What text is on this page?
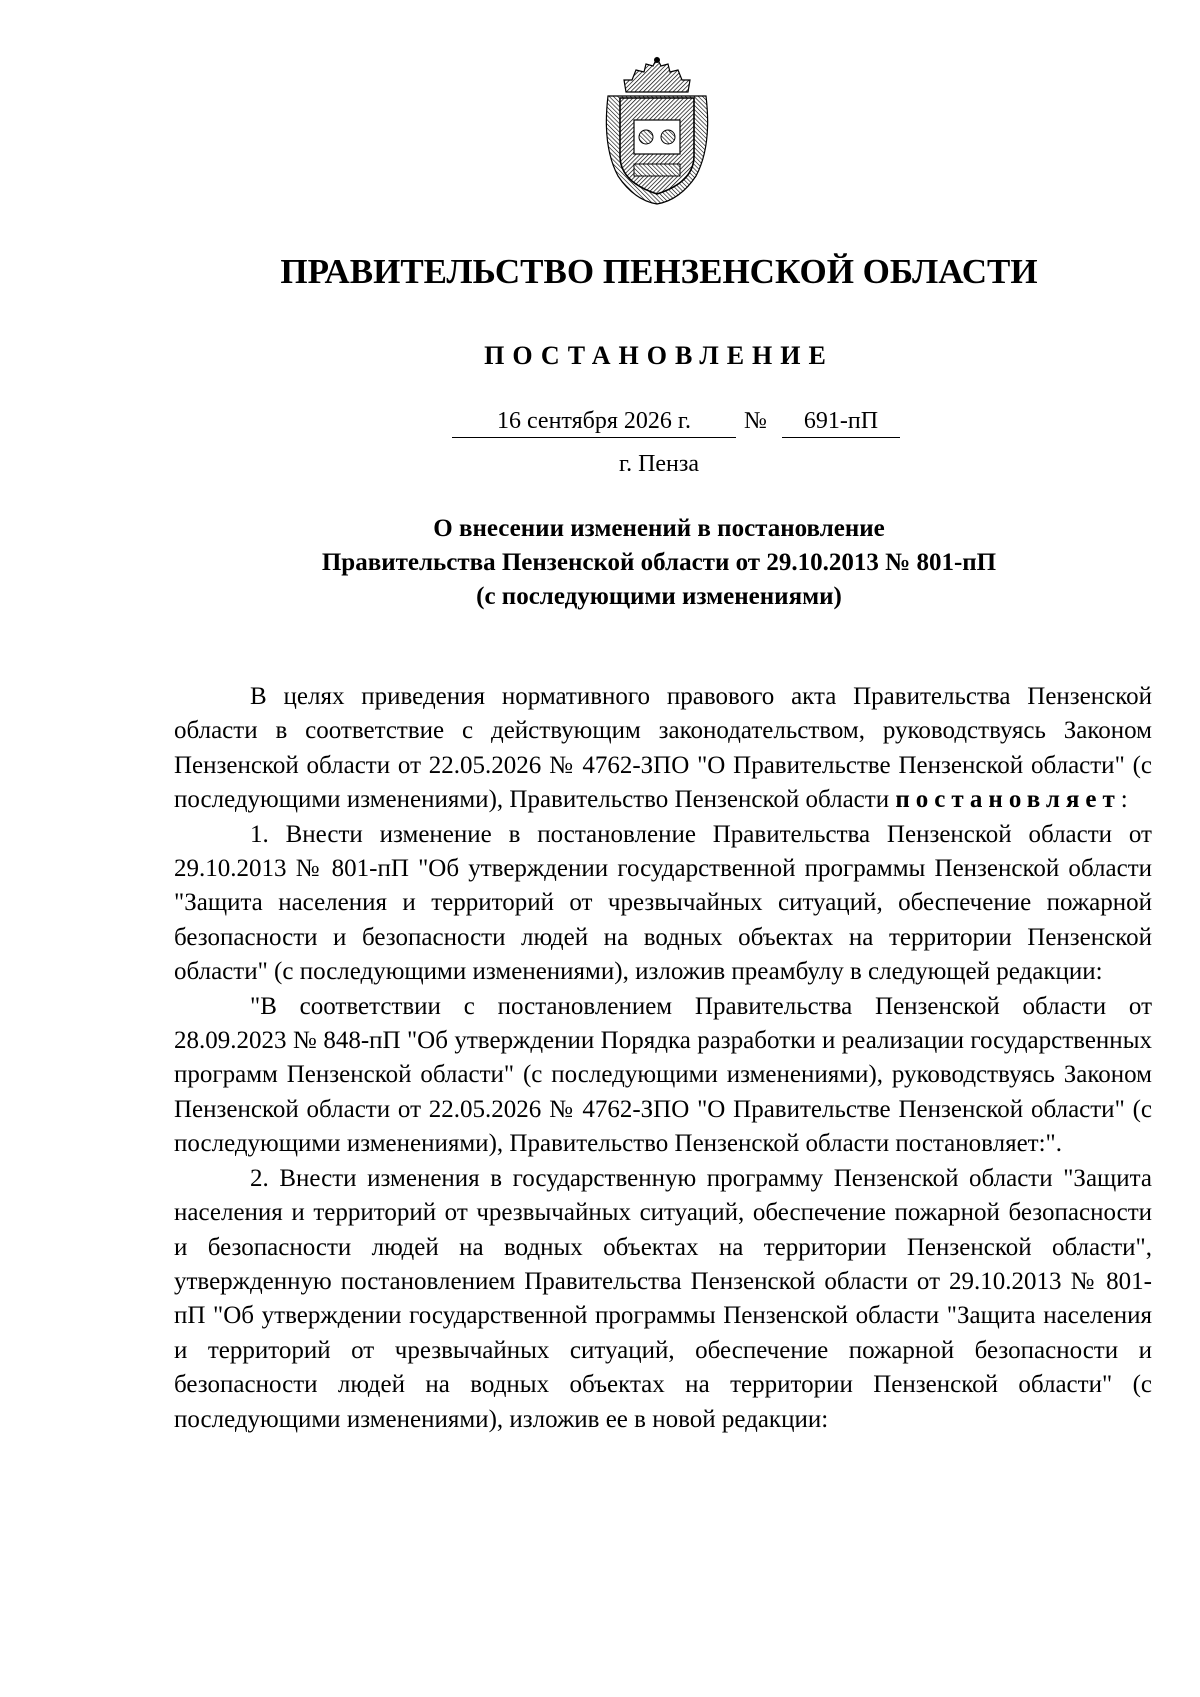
ПРАВИТЕЛЬСТВО ПЕНЗЕНСКОЙ ОБЛАСТИ
ПОСТАНОВЛЕНИЕ
16 сентября 2026 г.	№	691-пП

г. Пенза

О внесении изменений в постановление
Правительства Пензенской области от 29.10.2013 № 801-пП
(с последующими изменениями)

В целях приведения нормативного правового акта Правительства Пензенской области в соответствие с действующим законодательством, руководствуясь Законом Пензенской области от 22.05.2026 № 4762-ЗПО "О Правительстве Пензенской области" (с последующими изменениями), Правительство Пензенской области постановляет:

1. Внести изменение в постановление Правительства Пензенской области от 29.10.2013 № 801-пП "Об утверждении государственной программы Пензенской области "Защита населения и территорий от чрезвычайных ситуаций, обеспечение пожарной безопасности и безопасности людей на водных объектах на территории Пензенской области" (с последующими изменениями), изложив преамбулу в следующей редакции:

"В соответствии с постановлением Правительства Пензенской области от 28.09.2023 № 848-пП "Об утверждении Порядка разработки и реализации государственных программ Пензенской области" (с последующими изменениями), руководствуясь Законом Пензенской области от 22.05.2026 № 4762-ЗПО "О Правительстве Пензенской области" (с последующими изменениями), Правительство Пензенской области постановляет:".

2. Внести изменения в государственную программу Пензенской области "Защита населения и территорий от чрезвычайных ситуаций, обеспечение пожарной безопасности и безопасности людей на водных объектах на территории Пензенской области", утвержденную постановлением Правительства Пензенской области от 29.10.2013 № 801-пП "Об утверждении государственной программы Пензенской области "Защита населения и территорий от чрезвычайных ситуаций, обеспечение пожарной безопасности и безопасности людей на водных объектах на территории Пензенской области" (с последующими изменениями), изложив ее в новой редакции:
